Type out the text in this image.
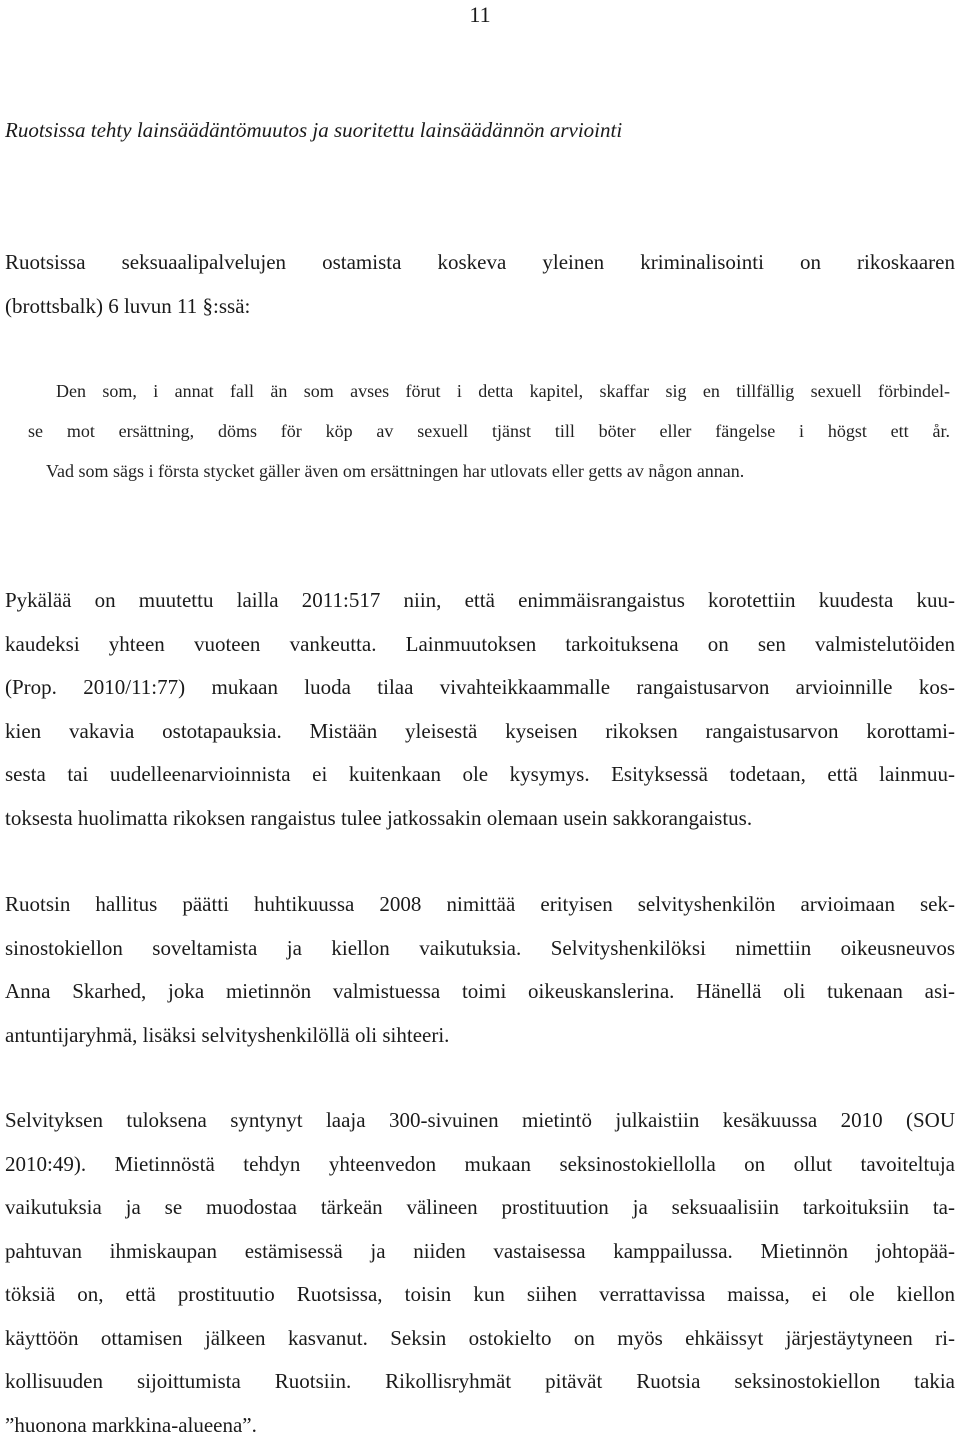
11
Ruotsissa tehty lainsäädäntömuutos ja suoritettu lainsäädännön arviointi
Ruotsissa seksuaalipalvelujen ostamista koskeva yleinen kriminalisointi on rikoskaaren
(brottsbalk) 6 luvun 11 §:ssä:
Den som, i annat fall än som avses förut i detta kapitel, skaffar sig en tillfällig sexuell förbindel-
se mot ersättning, döms för köp av sexuell tjänst till böter eller fängelse i högst ett år.
Vad som sägs i första stycket gäller även om ersättningen har utlovats eller getts av någon annan.
Pykälää on muutettu lailla 2011:517 niin, että enimmäisrangaistus korotettiin kuudesta kuu-
kaudeksi yhteen vuoteen vankeutta. Lainmuutoksen tarkoituksena on sen valmistelutöiden
(Prop. 2010/11:77) mukaan luoda tilaa vivahteikkaammalle rangaistusarvon arvioinnille kos-
kien vakavia ostotapauksia. Mistään yleisestä kyseisen rikoksen rangaistusarvon korottami-
sesta tai uudelleenarvioinnista ei kuitenkaan ole kysymys. Esityksessä todetaan, että lainmuu-
toksesta huolimatta rikoksen rangaistus tulee jatkossakin olemaan usein sakkorangaistus.
Ruotsin hallitus päätti huhtikuussa 2008 nimittää erityisen selvityshenkilön arvioimaan sek-
sinostokiellon soveltamista ja kiellon vaikutuksia. Selvityshenkilöksi nimettiin oikeusneuvos
Anna Skarhed, joka mietinnön valmistuessa toimi oikeuskanslerina. Hänellä oli tukenaan asi-
antuntijaryhmä, lisäksi selvityshenkilöllä oli sihteeri.
Selvityksen tuloksena syntynyt laaja 300-sivuinen mietintö julkaistiin kesäkuussa 2010 (SOU
2010:49). Mietinnöstä tehdyn yhteenvedon mukaan seksinostokiellolla on ollut tavoiteltuja
vaikutuksia ja se muodostaa tärkeän välineen prostituution ja seksuaalisiin tarkoituksiin ta-
pahtuvan ihmiskaupan estämisessä ja niiden vastaisessa kamppailussa. Mietinnön johtopää-
töksiä on, että prostituutio Ruotsissa, toisin kun siihen verrattavissa maissa, ei ole kiellon
käyttöön ottamisen jälkeen kasvanut. Seksin ostokielto on myös ehkäissyt järjestäytyneen ri-
kollisuuden sijoittumista Ruotsiin. Rikollisryhmät pitävät Ruotsia seksinostokiellon takia
”huonona markkina-alueena”.
